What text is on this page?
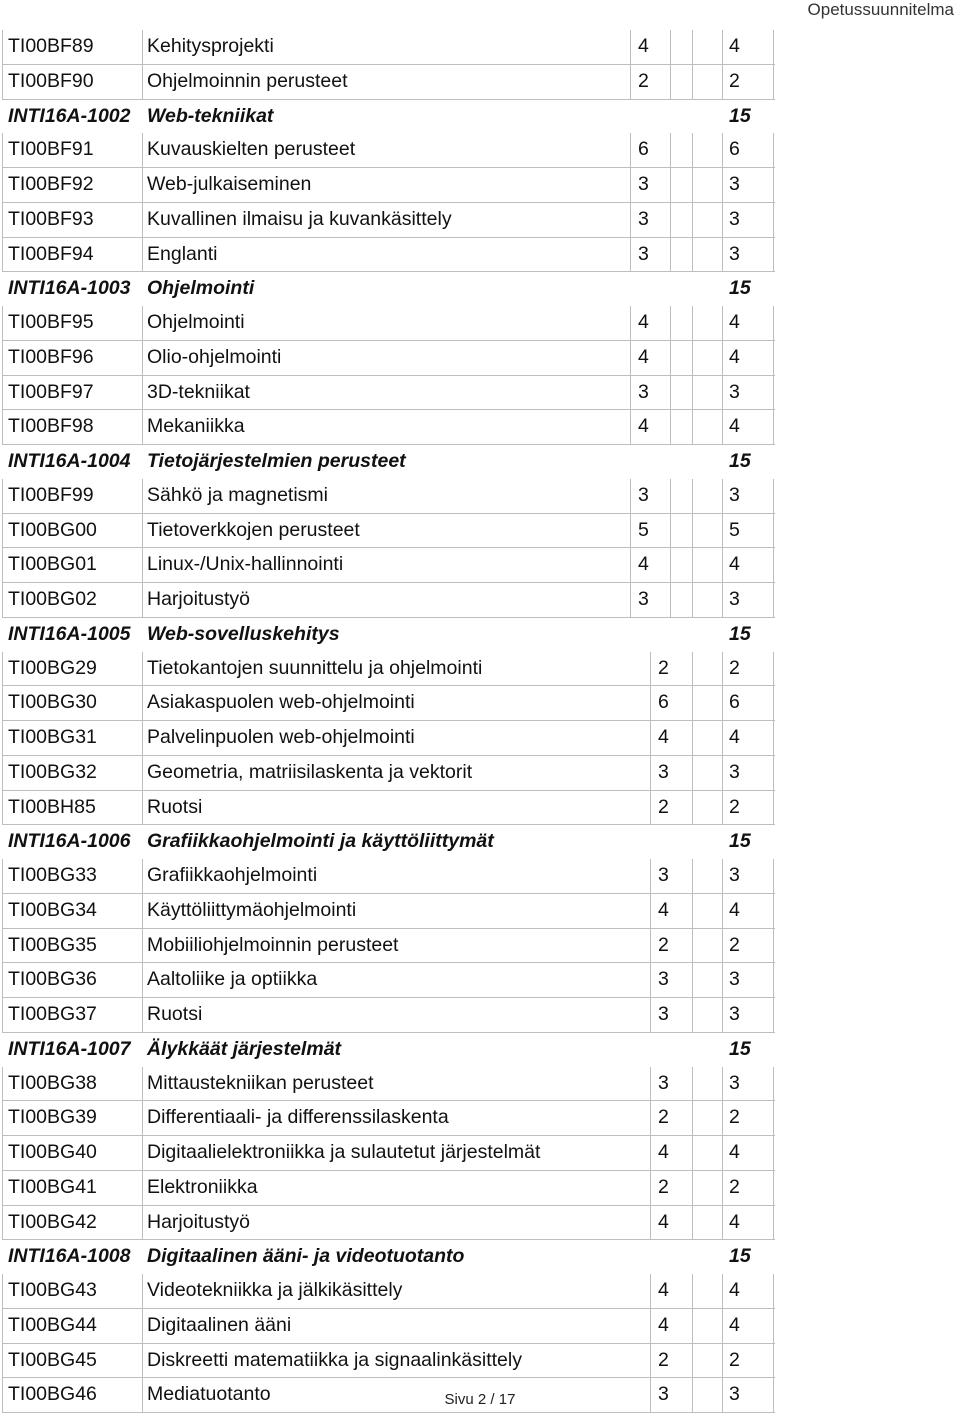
Opetussuunnitelma
TI00BF89	Kehitysprojekti	4	4
TI00BF90	Ohjelmoinnin perusteet	2	2
INTI16A-1002 Web-tekniikat	15
TI00BF91	Kuvauskielten perusteet	6	6
TI00BF92	Web-julkaiseminen	3	3
TI00BF93	Kuvallinen ilmaisu ja kuvankäsittely	3	3
TI00BF94	Englanti	3	3
INTI16A-1003 Ohjelmointi	15
TI00BF95	Ohjelmointi	4	4
TI00BF96	Olio-ohjelmointi	4	4
TI00BF97	3D-tekniikat	3	3
TI00BF98	Mekaniikka	4	4
INTI16A-1004 Tietojärjestelmien perusteet	15
TI00BF99	Sähkö ja magnetismi	3	3
TI00BG00	Tietoverkkojen perusteet	5	5
TI00BG01	Linux-/Unix-hallinnointi	4	4
TI00BG02	Harjoitustyö	3	3
INTI16A-1005 Web-sovelluskehitys	15
TI00BG29	Tietokantojen suunnittelu ja ohjelmointi	2	2
TI00BG30	Asiakaspuolen web-ohjelmointi	6	6
TI00BG31	Palvelinpuolen web-ohjelmointi	4	4
TI00BG32	Geometria, matriisilaskenta ja vektorit	3	3
TI00BH85	Ruotsi	2	2
INTI16A-1006 Grafiikkaohjelmointi ja käyttöliittymät	15
TI00BG33	Grafiikkaohjelmointi	3	3
TI00BG34	Käyttöliittymäohjelmointi	4	4
TI00BG35	Mobiiliohjelmoinnin perusteet	2	2
TI00BG36	Aaltoliike ja optiikka	3	3
TI00BG37	Ruotsi	3	3
INTI16A-1007 Älykkäät järjestelmät	15
TI00BG38	Mittaustekniikan perusteet	3	3
TI00BG39	Differentiaali- ja differenssilaskenta	2	2
TI00BG40	Digitaalielektroniikka ja sulautetut järjestelmät	4	4
TI00BG41	Elektroniikka	2	2
TI00BG42	Harjoitustyö	4	4
INTI16A-1008 Digitaalinen ääni- ja videotuotanto	15
TI00BG43	Videotekniikka ja jälkikäsittely	4	4
TI00BG44	Digitaalinen ääni	4	4
TI00BG45	Diskreetti matematiikka ja signaalinkäsittely	2	2
TI00BG46	Mediatuotanto	3	3
Sivu 2 / 17
